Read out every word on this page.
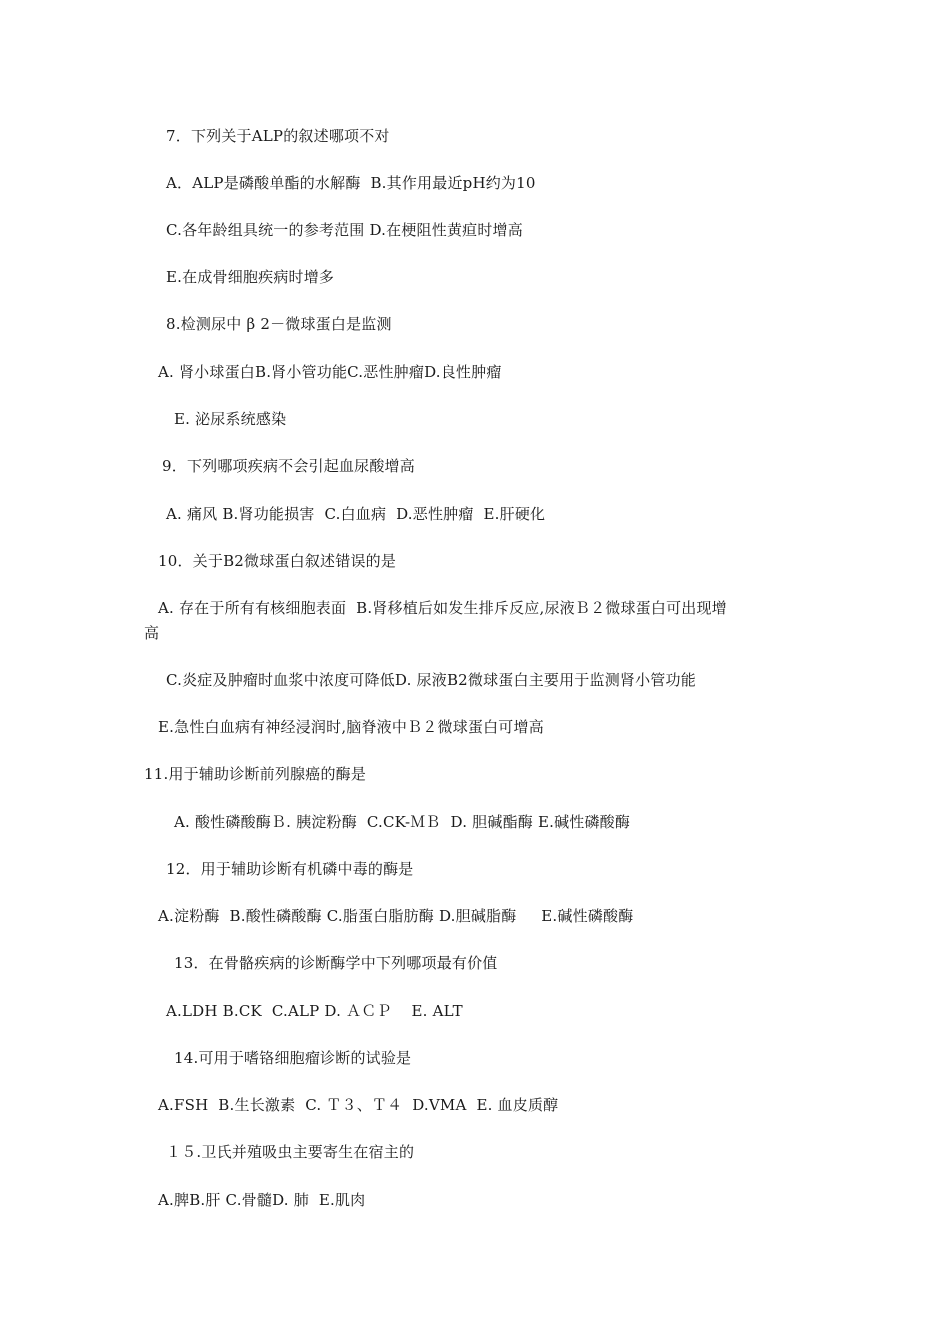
7．下列关于ALP的叙述哪项不对
A．ALP是磷酸单酯的水解酶  B.其作用最近pH约为10
C.各年龄组具统一的参考范围 D.在梗阻性黄疸时增高
E.在成骨细胞疾病时增多
8.检测尿中 β 2－微球蛋白是监测
A. 肾小球蛋白B.肾小管功能C.恶性肿瘤D.良性肿瘤
E. 泌尿系统感染
9．下列哪项疾病不会引起血尿酸增高
A. 痛风 B.肾功能损害  C.白血病  D.恶性肿瘤  E.肝硬化
10．关于B2微球蛋白叙述错误的是
A. 存在于所有有核细胞表面  B.肾移植后如发生排斥反应,尿液Ｂ２微球蛋白可出现增
高
C.炎症及肿瘤时血浆中浓度可降低D. 尿液B2微球蛋白主要用于监测肾小管功能
E.急性白血病有神经浸润时,脑脊液中Ｂ２微球蛋白可增高
11.用于辅助诊断前列腺癌的酶是
A. 酸性磷酸酶Ｂ. 胰淀粉酶  C.CK-ＭＢ  D. 胆碱酯酶 E.碱性磷酸酶
12．用于辅助诊断有机磷中毒的酶是
A.淀粉酶  B.酸性磷酸酶 C.脂蛋白脂肪酶 D.胆碱脂酶     E.碱性磷酸酶
13．在骨骼疾病的诊断酶学中下列哪项最有价值
A.LDH B.CK  C.ALP D. ＡＣＰ    E. ALT
14.可用于嗜铬细胞瘤诊断的试验是
A.FSH  B.生长激素  C. Ｔ３、Ｔ４  D.VMA  E. 血皮质醇
１５.卫氏并殖吸虫主要寄生在宿主的
A.脾B.肝 C.骨髓D. 肺  E.肌肉
